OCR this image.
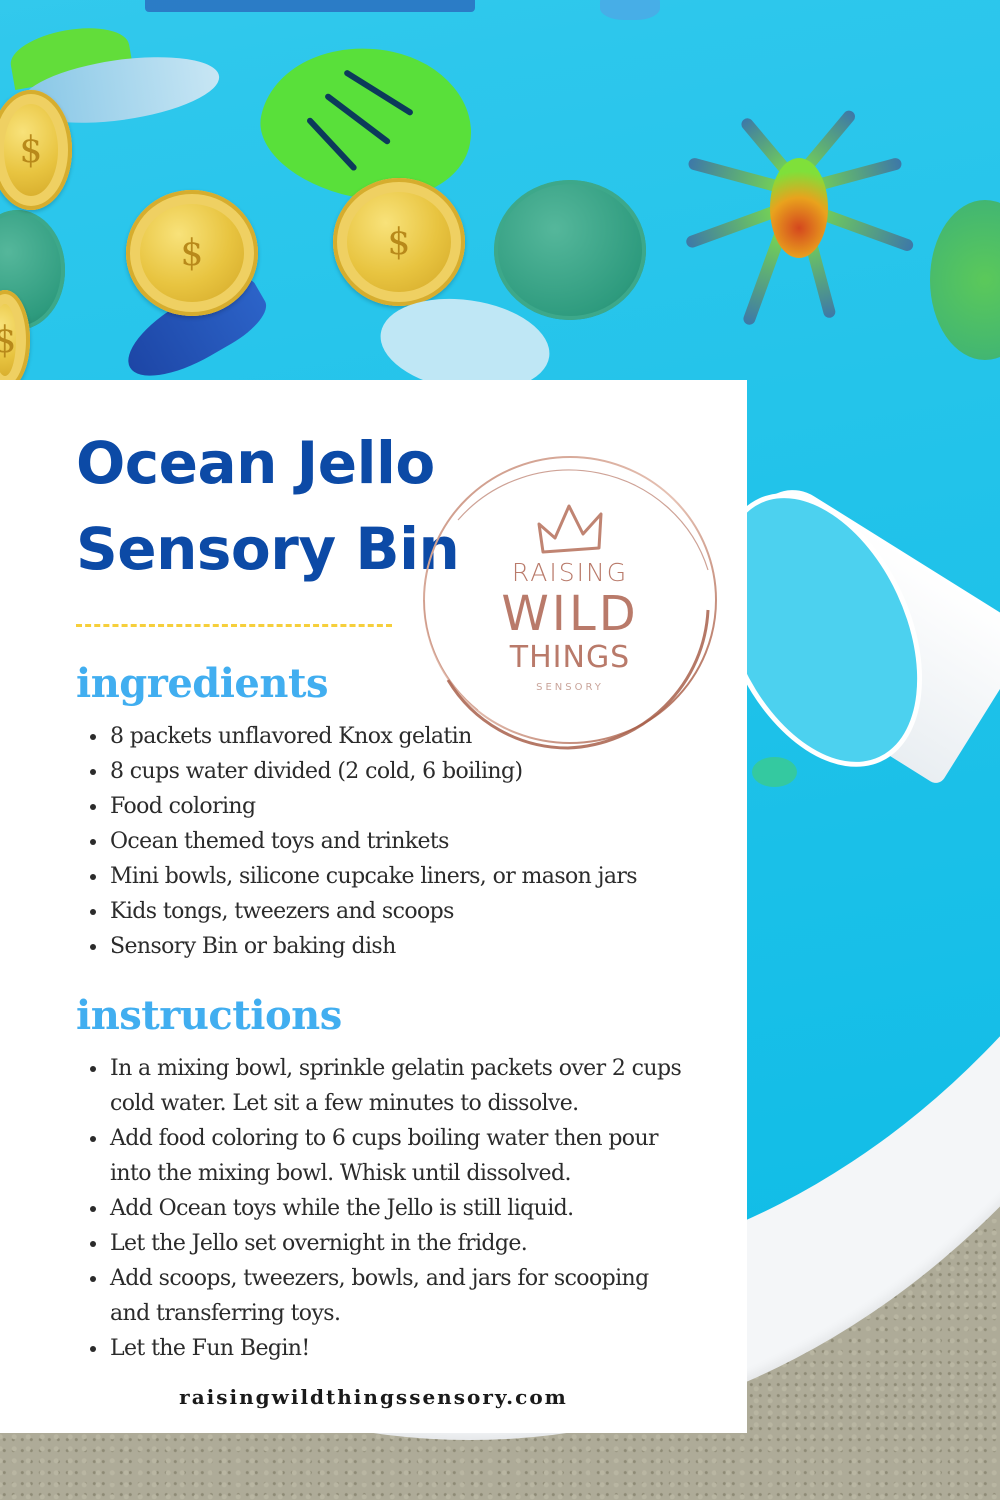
$
$
$
$
Ocean Jello
Sensory Bin	RAISING
WILD
THINGS
SENSORY
ingredients
8 packets unflavored Knox gelatin
8 cups water divided (2 cold, 6 boiling)
Food coloring
Ocean themed toys and trinkets
Mini bowls, silicone cupcake liners, or mason jars
Kids tongs, tweezers and scoops
Sensory Bin or baking dish
instructions
In a mixing bowl, sprinkle gelatin packets over 2 cups cold water. Let sit a few minutes to dissolve.
Add food coloring to 6 cups boiling water then pour into the mixing bowl. Whisk until dissolved.
Add Ocean toys while the Jello is still liquid.
Let the Jello set overnight in the fridge.
Add scoops, tweezers, bowls, and jars for scooping and transferring toys.
Let the Fun Begin!
raisingwildthingssensory.com
